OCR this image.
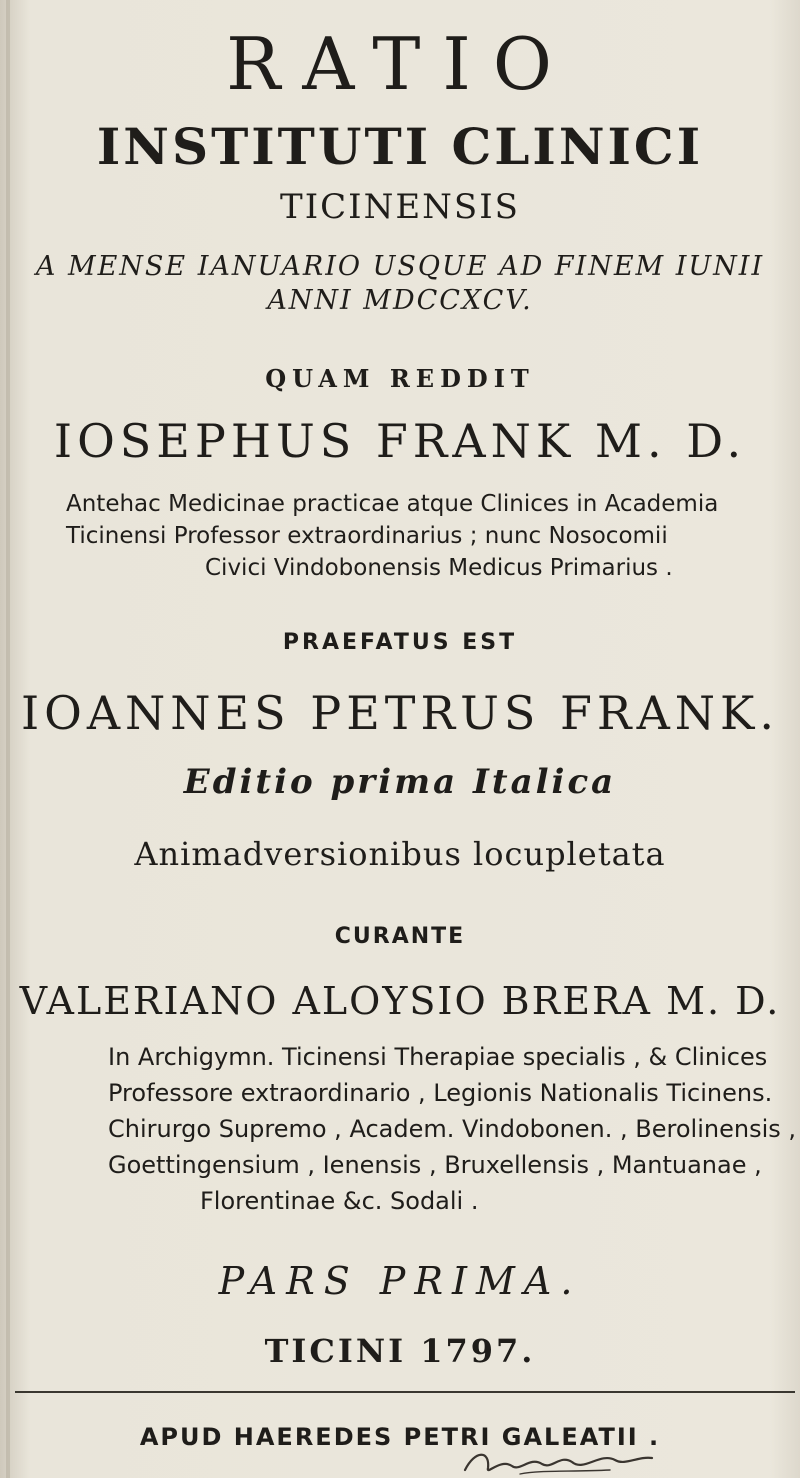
RATIO
INSTITUTI CLINICI
TICINENSIS
A MENSE IANUARIO USQUE AD FINEM IUNII
ANNI MDCCXCV.
QUAM REDDIT
IOSEPHUS FRANK M. D.
Antehac Medicinae practicae atque Clinices in Academia
Ticinensi Professor extraordinarius ; nunc Nosocomii
Civici Vindobonensis Medicus Primarius .
PRAEFATUS EST
IOANNES PETRUS FRANK.
Editio prima Italica
Animadversionibus locupletata
CURANTE
VALERIANO ALOYSIO BRERA M. D.
In Archigymn. Ticinensi Therapiae specialis , & Clinices
Professore extraordinario , Legionis Nationalis Ticinens.
Chirurgo Supremo , Academ. Vindobonen. , Berolinensis ,
Goettingensium , Ienensis , Bruxellensis , Mantuanae ,
Florentinae &c. Sodali .
PARS PRIMA.
TICINI 1797.
APUD HAEREDES PETRI GALEATII .
